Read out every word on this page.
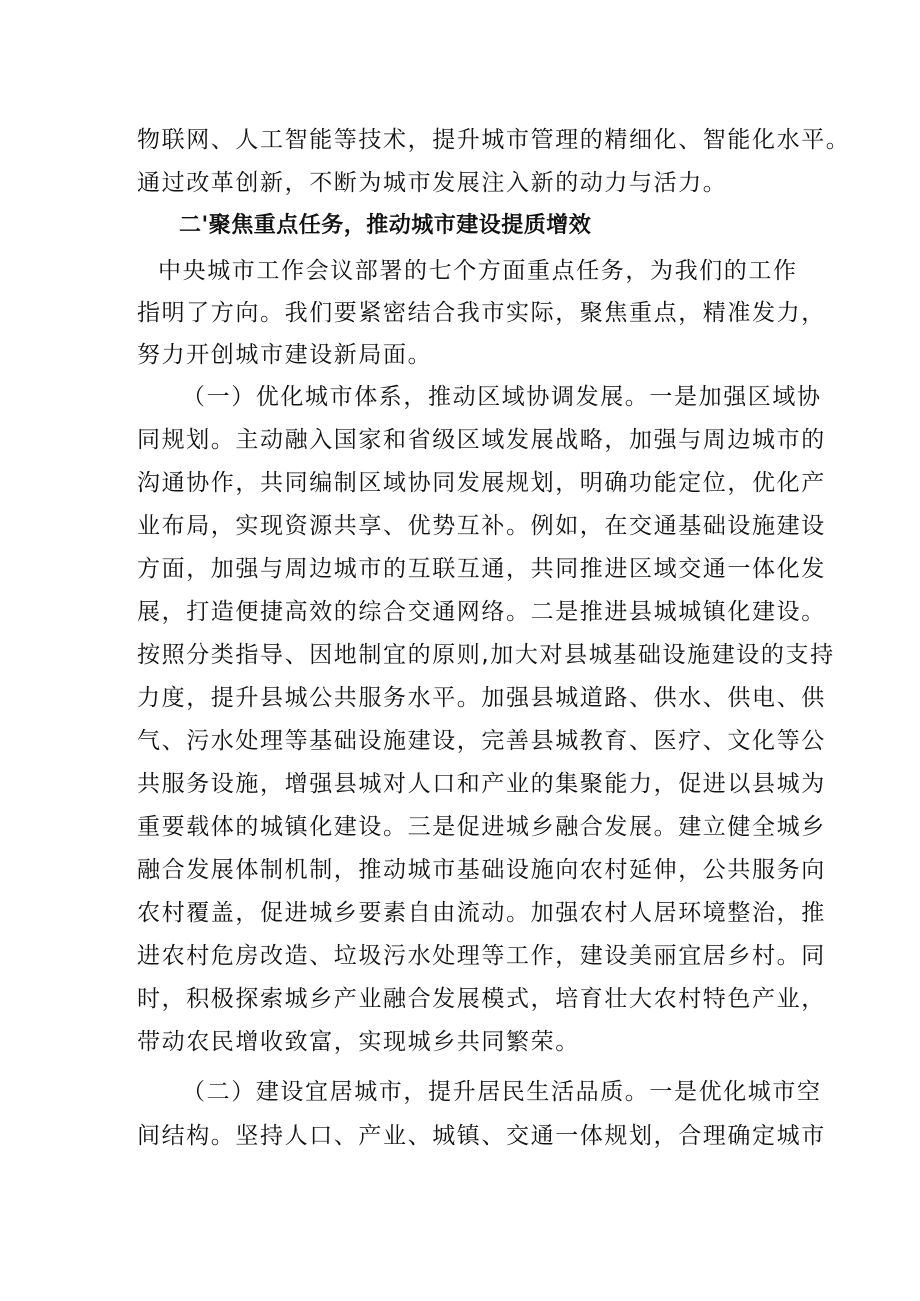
物联网、人工智能等技术，提升城市管理的精细化、智能化水平。
通过改革创新，不断为城市发展注入新的动力与活力。
二'聚焦重点任务，推动城市建设提质增效
中央城市工作会议部署的七个方面重点任务，为我们的工作
指明了方向。我们要紧密结合我市实际，聚焦重点，精准发力，
努力开创城市建设新局面。
（一）优化城市体系，推动区域协调发展。一是加强区域协
同规划。主动融入国家和省级区域发展战略，加强与周边城市的
沟通协作，共同编制区域协同发展规划，明确功能定位，优化产
业布局，实现资源共享、优势互补。例如，在交通基础设施建设
方面，加强与周边城市的互联互通，共同推进区域交通一体化发
展，打造便捷高效的综合交通网络。二是推进县城城镇化建设。
按照分类指导、因地制宜的原则,加大对县城基础设施建设的支持
力度，提升县城公共服务水平。加强县城道路、供水、供电、供
气、污水处理等基础设施建设，完善县城教育、医疗、文化等公
共服务设施，增强县城对人口和产业的集聚能力，促进以县城为
重要载体的城镇化建设。三是促进城乡融合发展。建立健全城乡
融合发展体制机制，推动城市基础设施向农村延伸，公共服务向
农村覆盖，促进城乡要素自由流动。加强农村人居环境整治，推
进农村危房改造、垃圾污水处理等工作，建设美丽宜居乡村。同
时，积极探索城乡产业融合发展模式，培育壮大农村特色产业，
带动农民增收致富，实现城乡共同繁荣。
（二）建设宜居城市，提升居民生活品质。一是优化城市空
间结构。坚持人口、产业、城镇、交通一体规划，合理确定城市
